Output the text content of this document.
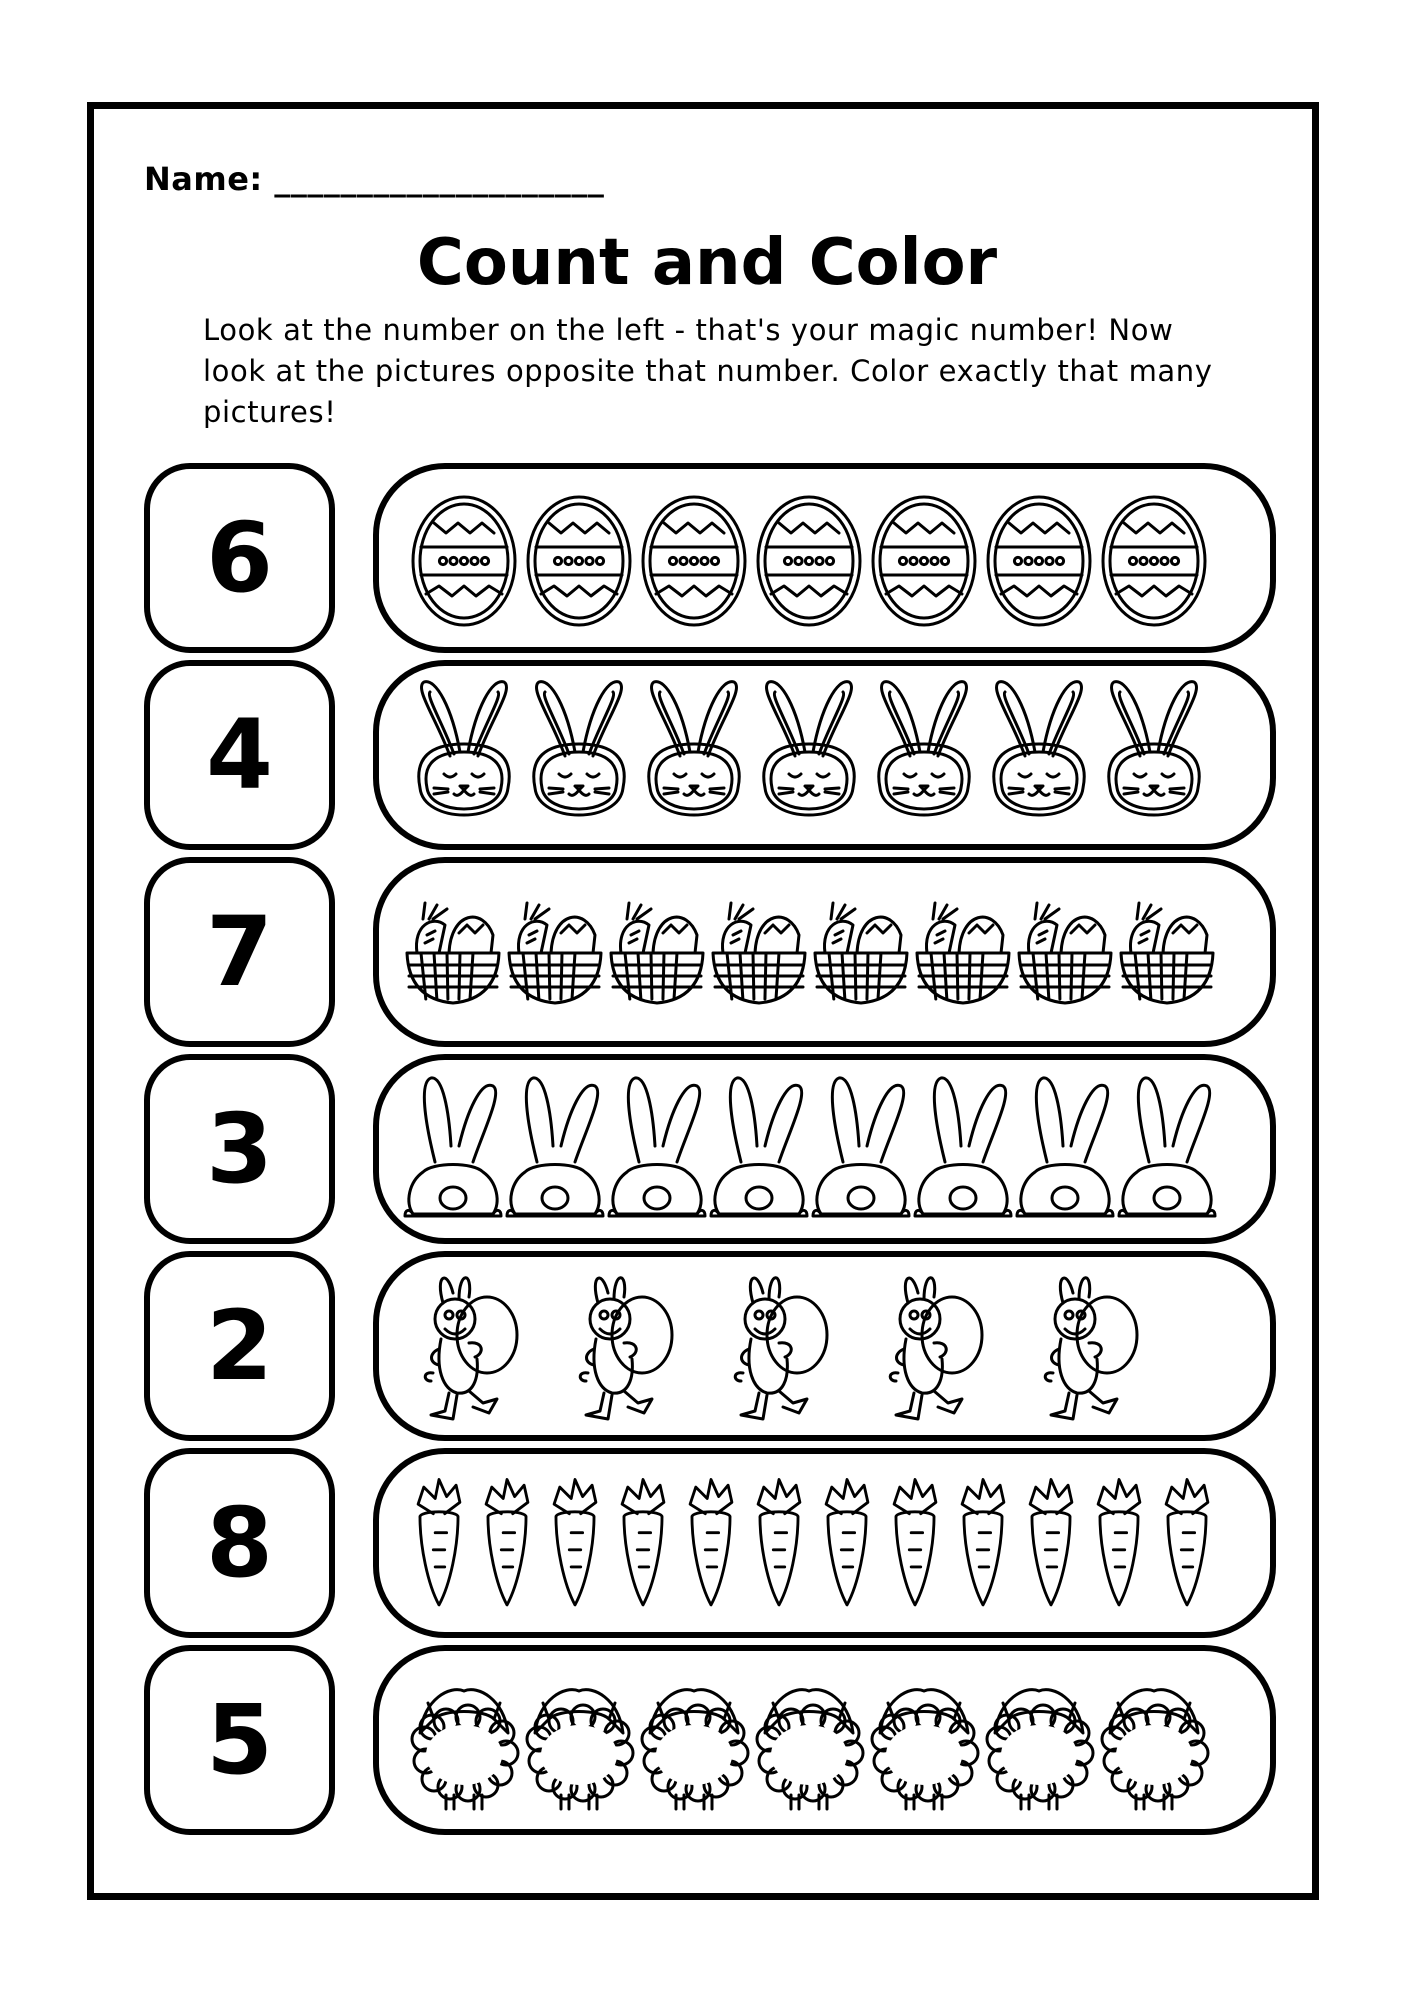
Name: ____________________
Count and Color

Look at the number on the left - that's your magic number! Now look at the pictures opposite that number. Color exactly that many pictures!

6
4
7
3
2
8
5
